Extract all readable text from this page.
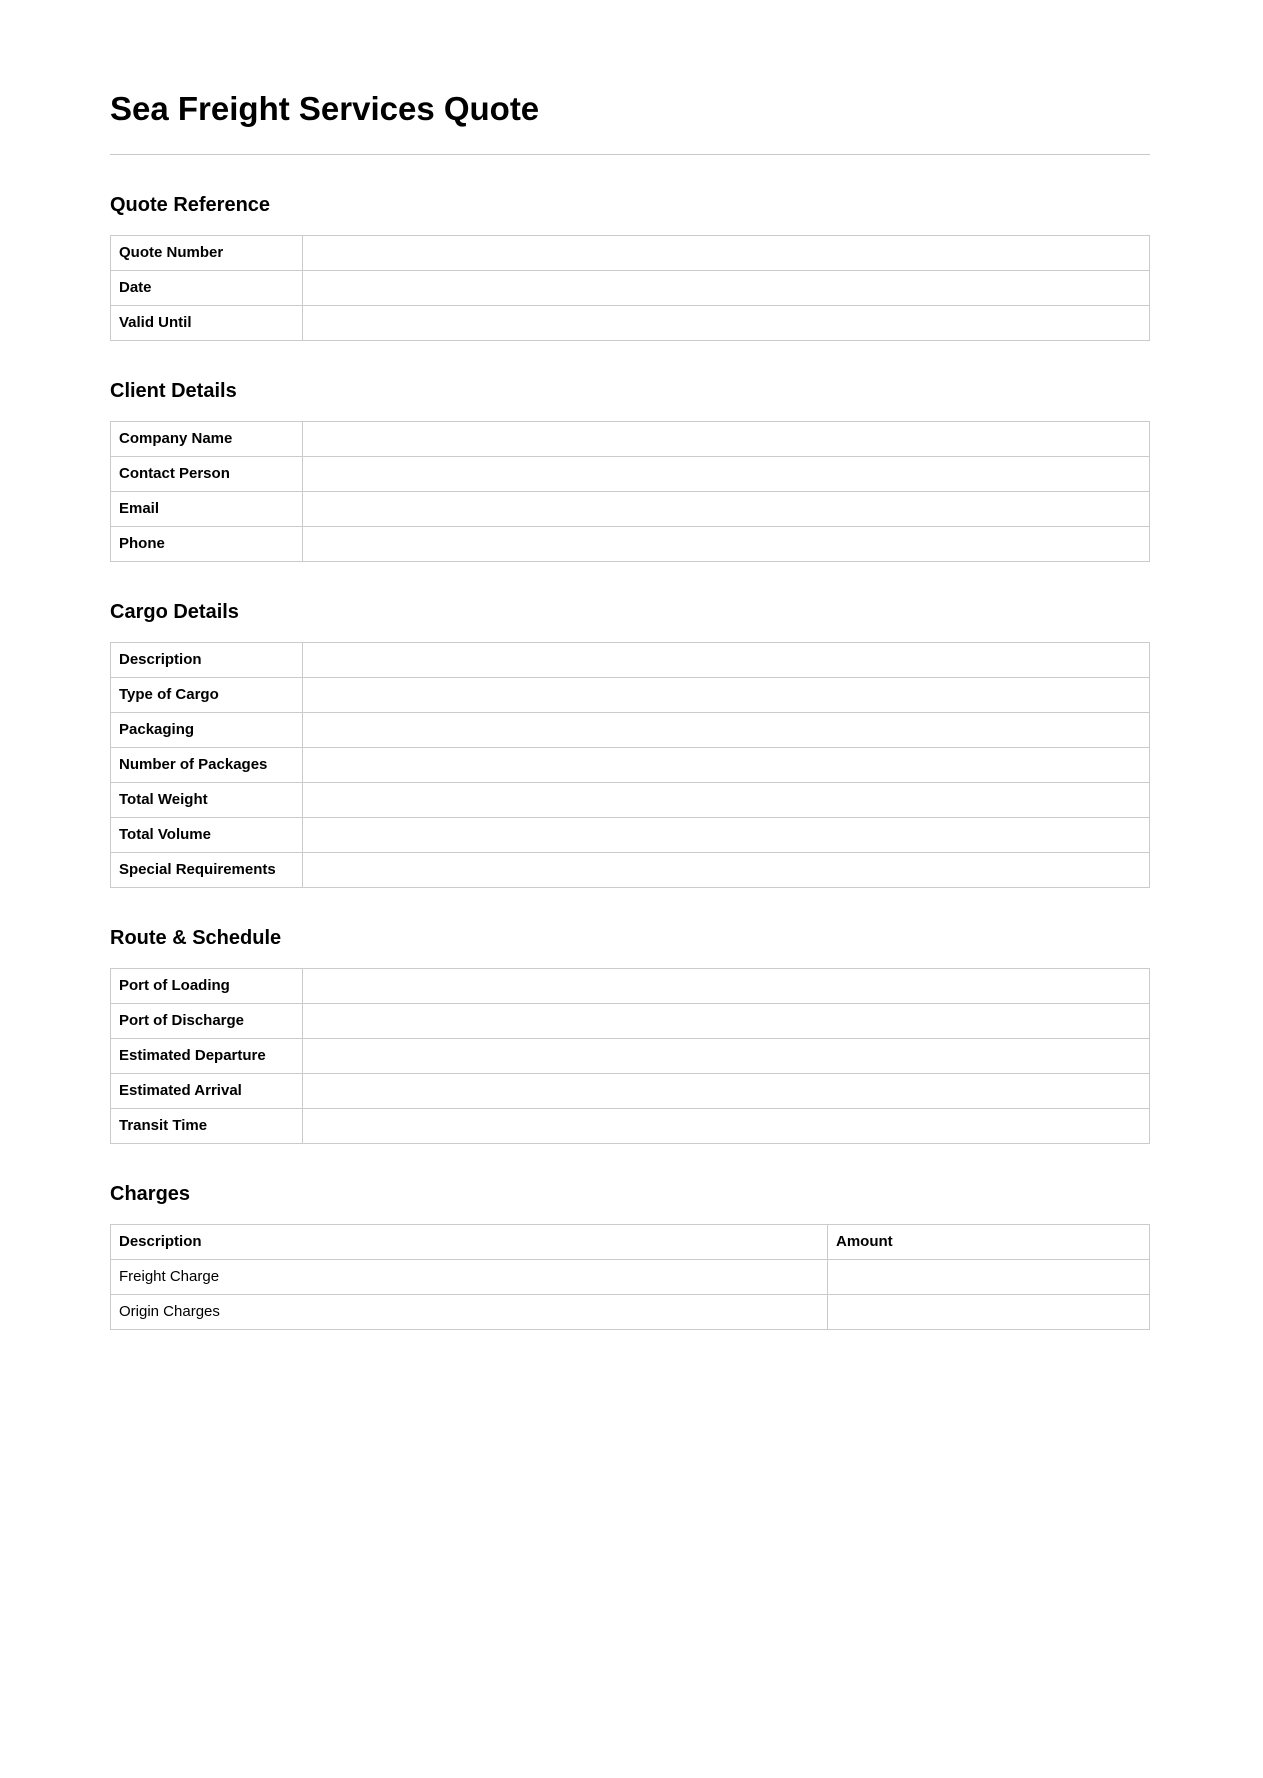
Sea Freight Services Quote
Quote Reference
Quote Number	
Date	
Valid Until	
Client Details
Company Name	
Contact Person	
Email	
Phone	
Cargo Details
Description	
Type of Cargo	
Packaging	
Number of Packages	
Total Weight	
Total Volume	
Special Requirements	
Route & Schedule
Port of Loading	
Port of Discharge	
Estimated Departure	
Estimated Arrival	
Transit Time	
Charges
Description	Amount
Freight Charge	
Origin Charges	
